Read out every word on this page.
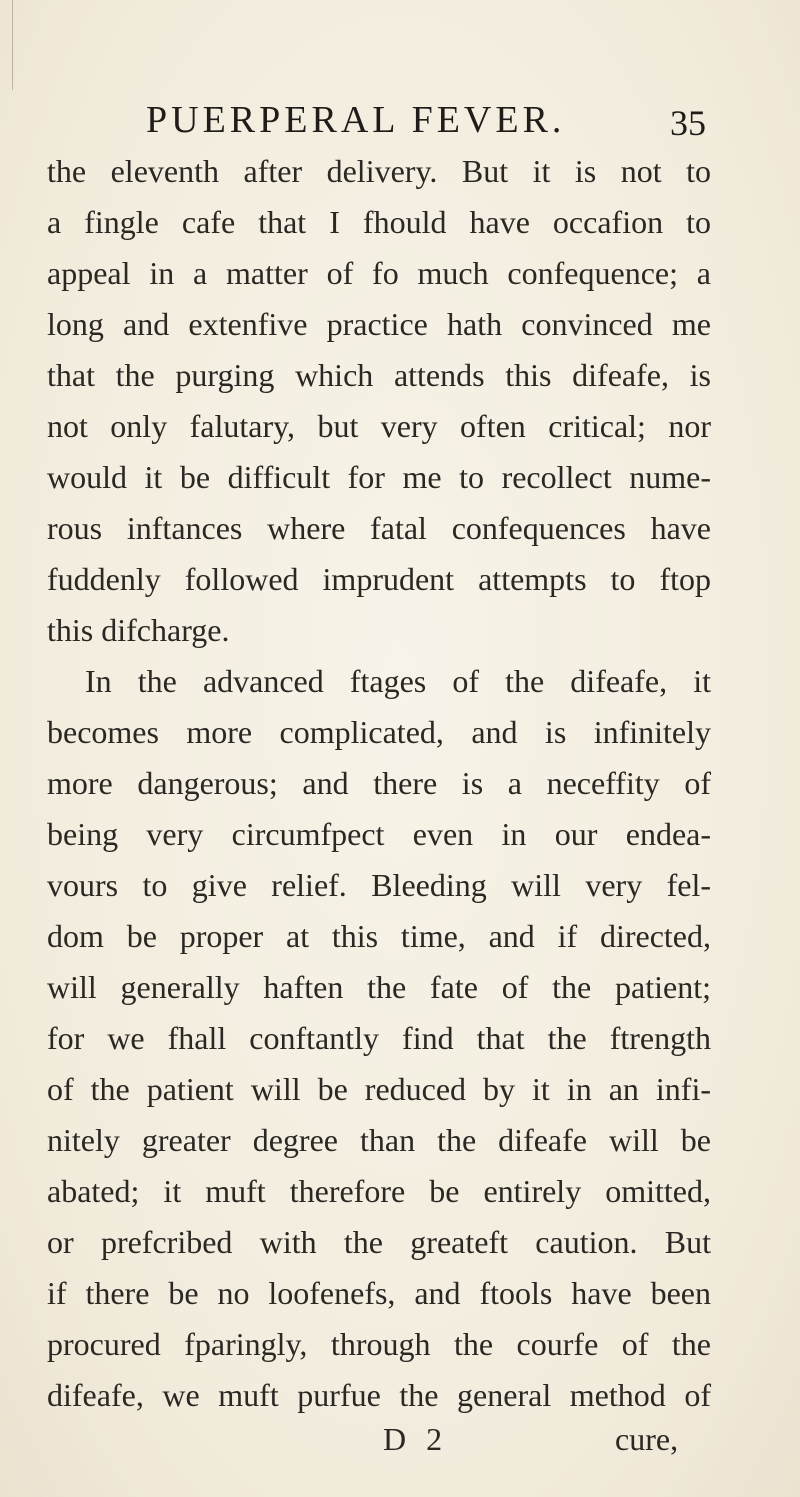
PUERPERAL FEVER.	35
the eleventh after delivery. But it is not to
a fingle cafe that I fhould have occafion to
appeal in a matter of fo much confequence; a
long and extenfive practice hath convinced me
that the purging which attends this difeafe, is
not only falutary, but very often critical; nor
would it be difficult for me to recollect nume-
rous inftances where fatal confequences have
fuddenly followed imprudent attempts to ftop
this difcharge.
In the advanced ftages of the difeafe, it
becomes more complicated, and is infinitely
more dangerous; and there is a neceffity of
being very circumfpect even in our endea-
vours to give relief. Bleeding will very fel-
dom be proper at this time, and if directed,
will generally haften the fate of the patient;
for we fhall conftantly find that the ftrength
of the patient will be reduced by it in an infi-
nitely greater degree than the difeafe will be
abated; it muft therefore be entirely omitted,
or prefcribed with the greateft caution. But
if there be no loofenefs, and ftools have been
procured fparingly, through the courfe of the
difeafe, we muft purfue the general method of
D 2	cure,
